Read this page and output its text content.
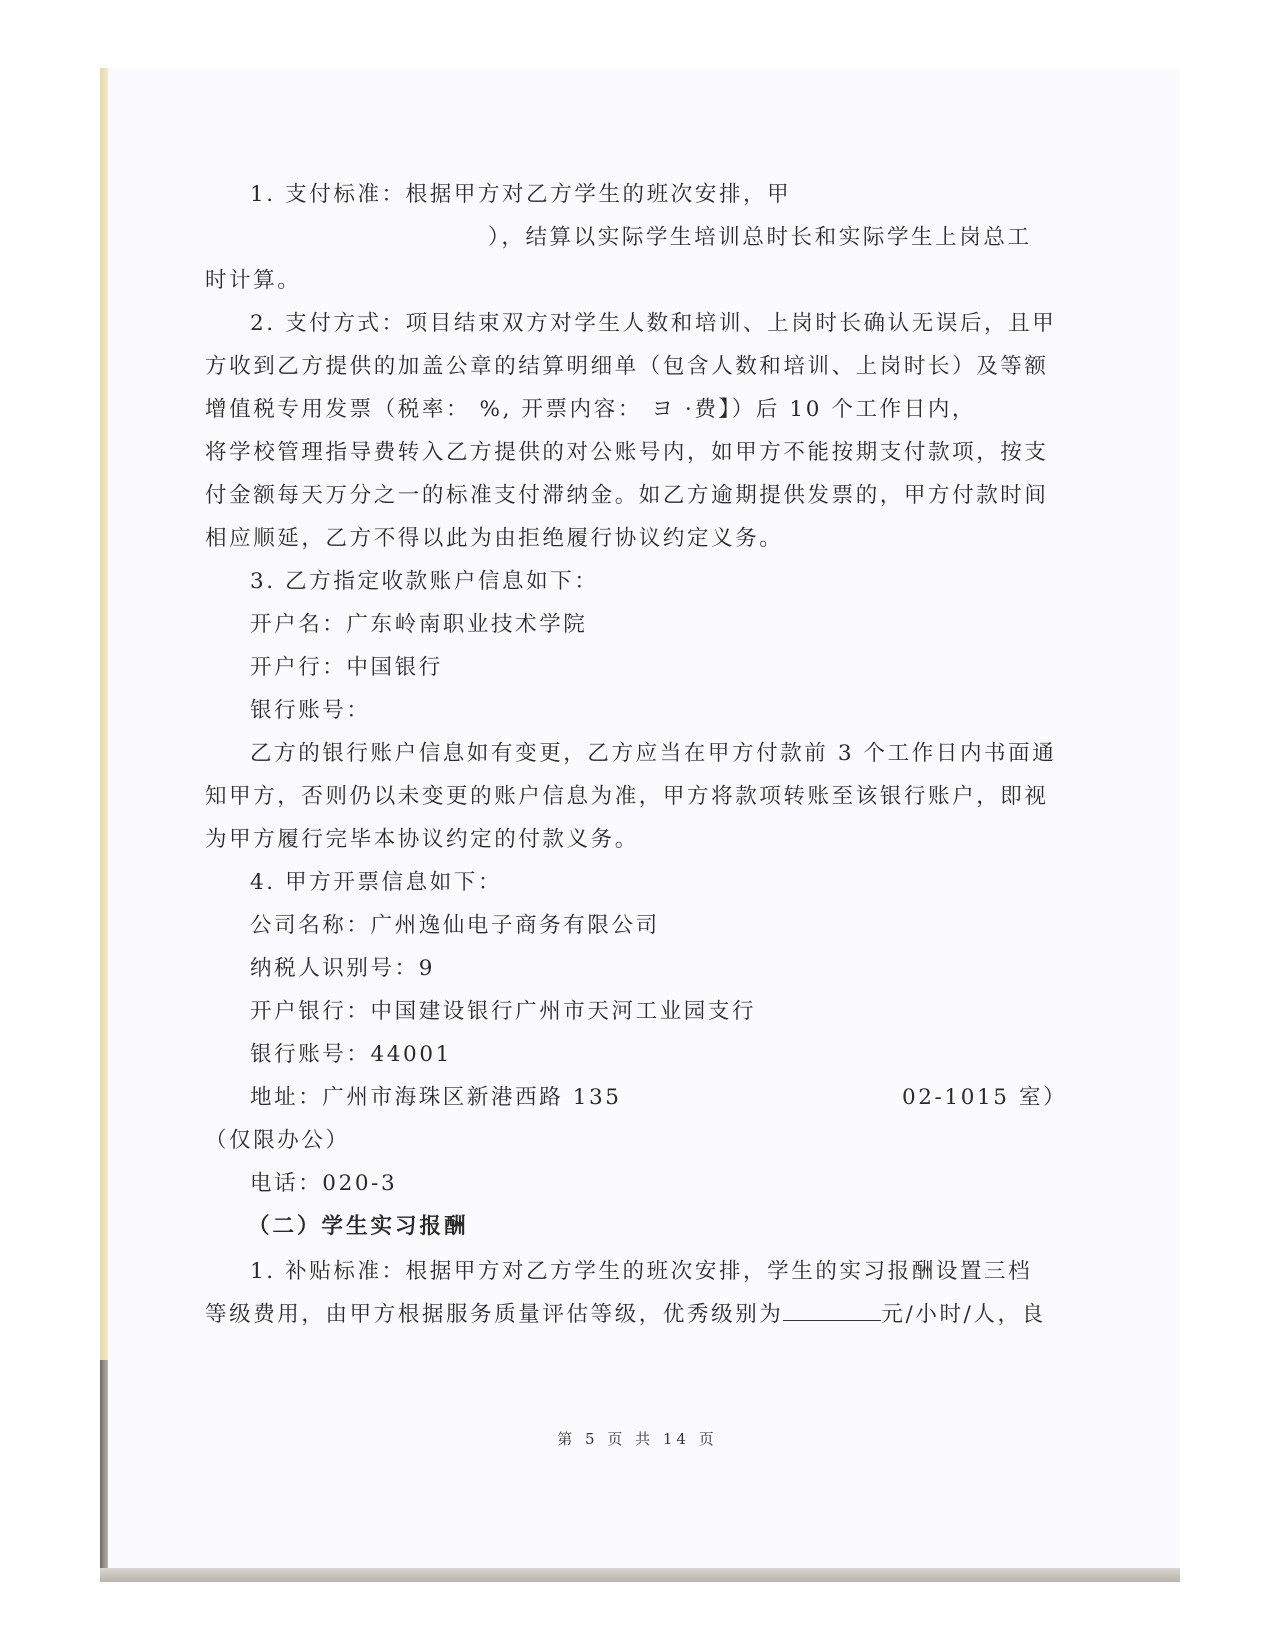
1. 支付标准：根据甲方对乙方学生的班次安排，甲
），结算以实际学生培训总时长和实际学生上岗总工
时计算。
2. 支付方式：项目结束双方对学生人数和培训、上岗时长确认无误后，且甲
方收到乙方提供的加盖公章的结算明细单（包含人数和培训、上岗时长）及等额
增值税专用发票（税率： %, 开票内容： ヨ ·费】）后 10 个工作日内，
将学校管理指导费转入乙方提供的对公账号内，如甲方不能按期支付款项，按支
付金额每天万分之一的标准支付滞纳金。如乙方逾期提供发票的，甲方付款时间
相应顺延，乙方不得以此为由拒绝履行协议约定义务。
3. 乙方指定收款账户信息如下：
开户名：广东岭南职业技术学院
开户行：中国银行
银行账号：
乙方的银行账户信息如有变更，乙方应当在甲方付款前 3 个工作日内书面通
知甲方，否则仍以未变更的账户信息为准，甲方将款项转账至该银行账户，即视
为甲方履行完毕本协议约定的付款义务。
4. 甲方开票信息如下：
公司名称：广州逸仙电子商务有限公司
纳税人识别号：9
开户银行：中国建设银行广州市天河工业园支行
银行账号：44001
地址：广州市海珠区新港西路 135	02-1015 室）
（仅限办公）
电话：020-3
（二）学生实习报酬
1. 补贴标准：根据甲方对乙方学生的班次安排，学生的实习报酬设置三档
等级费用，由甲方根据服务质量评估等级，优秀级别为	元/小时/人，良
第 5 页 共 14 页
